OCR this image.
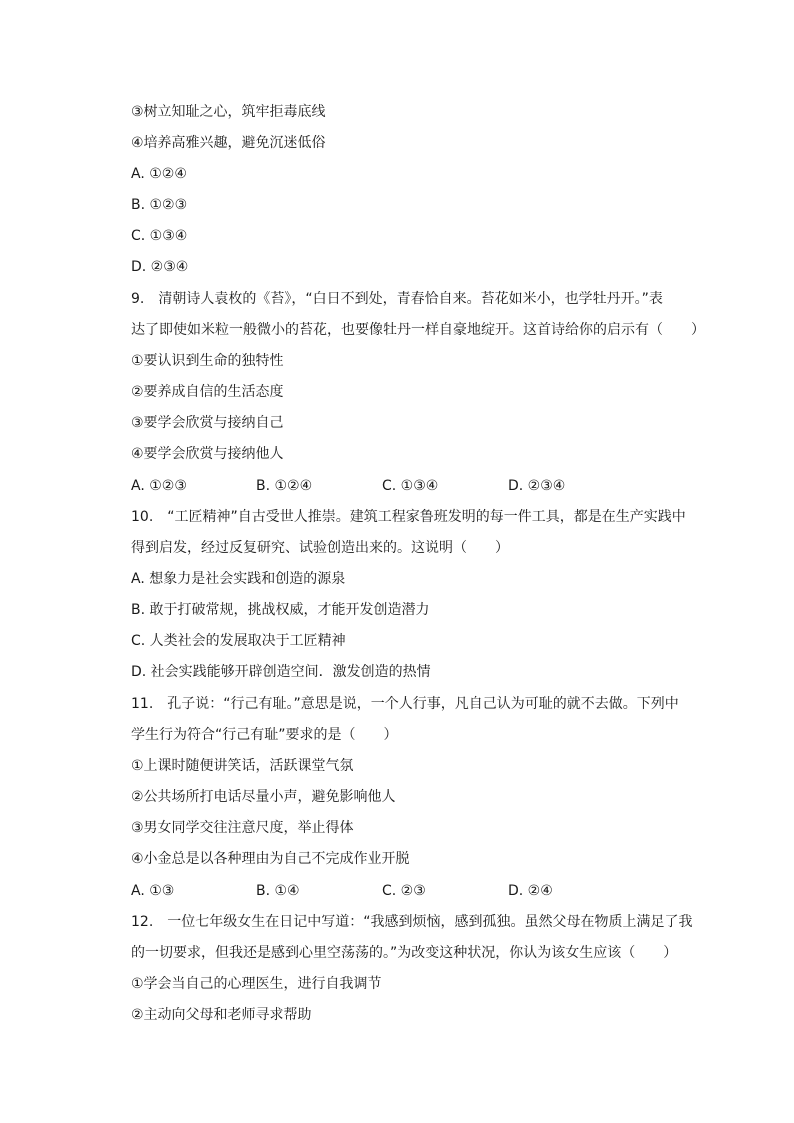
③树立知耻之心，筑牢拒毒底线
④培养高雅兴趣，避免沉迷低俗
A. ①②④
B. ①②③
C. ①③④
D. ②③④
9.　清朝诗人袁枚的《苔》，“白日不到处，青春恰自来。苔花如米小，也学牡丹开。”表
达了即使如米粒一般微小的苔花，也要像牡丹一样自豪地绽开。这首诗给你的启示有（　　）
①要认识到生命的独特性
②要养成自信的生活态度
③要学会欣赏与接纳自己
④要学会欣赏与接纳他人
A. ①②③	B. ①②④	C. ①③④	D. ②③④
10.　“工匠精神”自古受世人推崇。建筑工程家鲁班发明的每一件工具，都是在生产实践中
得到启发，经过反复研究、试验创造出来的。这说明（　　）
A. 想象力是社会实践和创造的源泉
B. 敢于打破常规，挑战权威，才能开发创造潜力
C. 人类社会的发展取决于工匠精神
D. 社会实践能够开辟创造空间．激发创造的热情
11.　孔子说：“行己有耻。”意思是说，一个人行事，凡自己认为可耻的就不去做。下列中
学生行为符合“行己有耻”要求的是（　　）
①上课时随便讲笑话，活跃课堂气氛
②公共场所打电话尽量小声，避免影响他人
③男女同学交往注意尺度，举止得体
④小金总是以各种理由为自己不完成作业开脱
A. ①③	B. ①④	C. ②③	D. ②④
12.　一位七年级女生在日记中写道：“我感到烦恼，感到孤独。虽然父母在物质上满足了我
的一切要求，但我还是感到心里空荡荡的。”为改变这种状况，你认为该女生应该（　　）
①学会当自己的心理医生，进行自我调节
②主动向父母和老师寻求帮助
